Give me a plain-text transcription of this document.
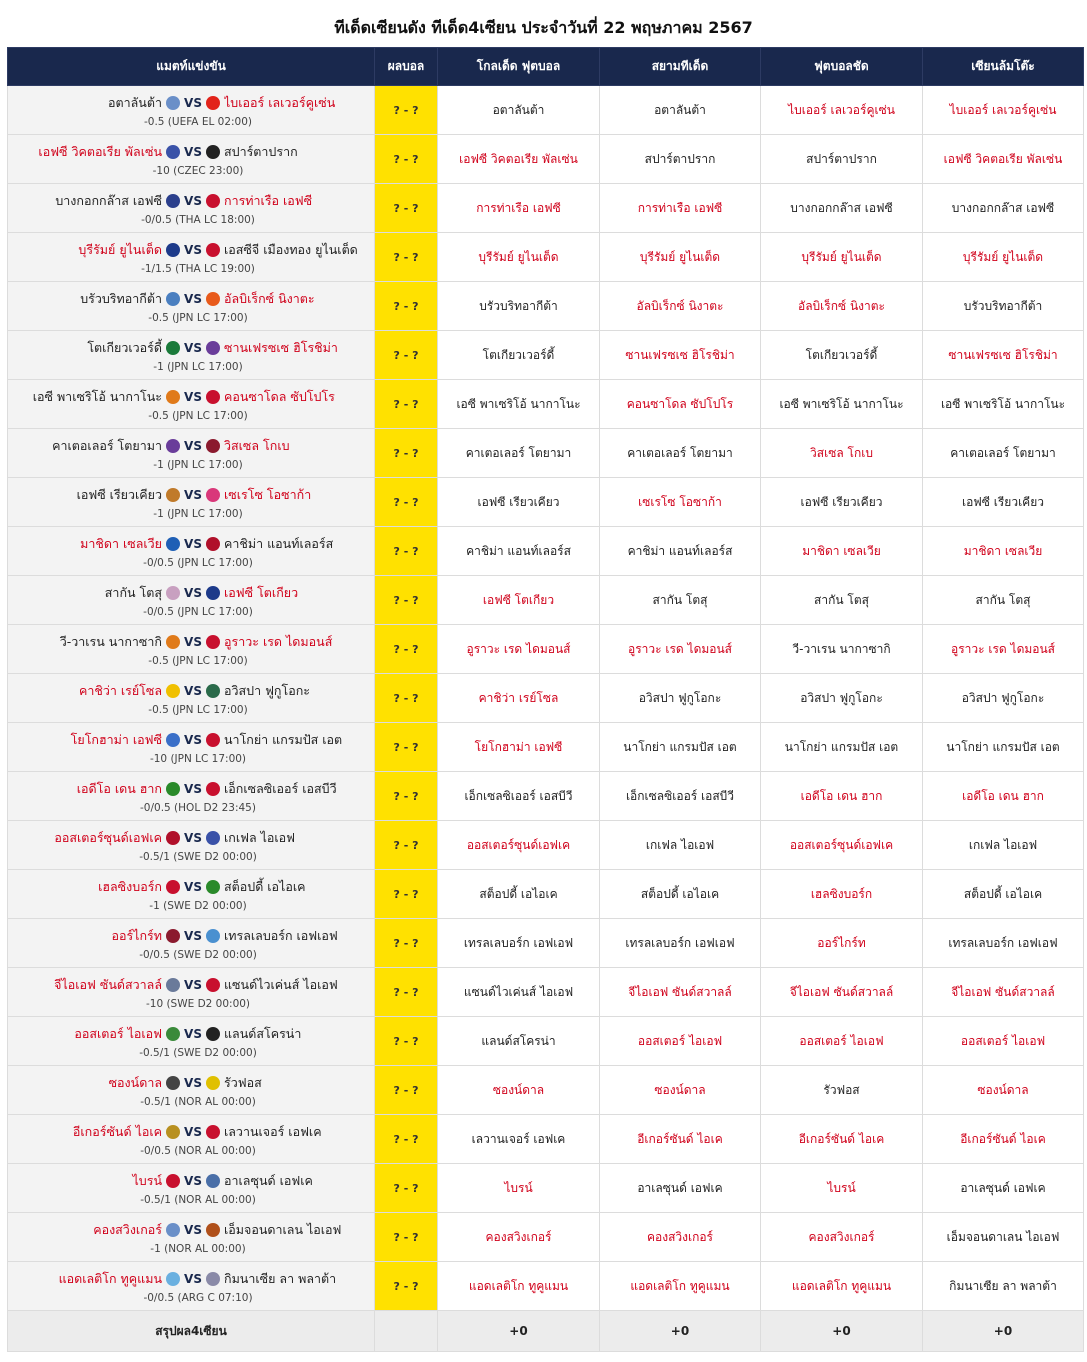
ทีเด็ดเซียนดัง ทีเด็ด4เซียน ประจำวันที่ 22 พฤษภาคม 2567
แมตท์แข่งขัน	ผลบอล	โกลเด็ด ฟุตบอล	สยามทีเด็ด	ฟุตบอลชัด	เซียนล้มโต๊ะ

อตาลันต้า VS ไบเออร์ เลเวอร์คูเซ่น
-0.5 (UEFA EL 02:00)	? - ?	อตาลันต้า	อตาลันต้า	ไบเออร์ เลเวอร์คูเซ่น	ไบเออร์ เลเวอร์คูเซ่น

เอฟซี วิคตอเรีย พัลเซ่น VS สปาร์ตาปราก
-10 (CZEC 23:00)	? - ?	เอฟซี วิคตอเรีย พัลเซ่น	สปาร์ตาปราก	สปาร์ตาปราก	เอฟซี วิคตอเรีย พัลเซ่น

บางกอกกล๊าส เอฟซี VS การท่าเรือ เอฟซี
-0/0.5 (THA LC 18:00)	? - ?	การท่าเรือ เอฟซี	การท่าเรือ เอฟซี	บางกอกกล๊าส เอฟซี	บางกอกกล๊าส เอฟซี

บุรีรัมย์ ยูไนเต็ด VS เอสซีจี เมืองทอง ยูไนเต็ด
-1/1.5 (THA LC 19:00)	? - ?	บุรีรัมย์ ยูไนเต็ด	บุรีรัมย์ ยูไนเต็ด	บุรีรัมย์ ยูไนเต็ด	บุรีรัมย์ ยูไนเต็ด

บรัวบริทอากีต้า VS อัลบิเร็กซ์ นิงาตะ
-0.5 (JPN LC 17:00)	? - ?	บรัวบริทอากีต้า	อัลบิเร็กซ์ นิงาตะ	อัลบิเร็กซ์ นิงาตะ	บรัวบริทอากีต้า

โตเกียวเวอร์ดี้ VS ซานเฟรซเซ ฮิโรชิม่า
-1 (JPN LC 17:00)	? - ?	โตเกียวเวอร์ดี้	ซานเฟรซเซ ฮิโรชิม่า	โตเกียวเวอร์ดี้	ซานเฟรซเซ ฮิโรชิม่า

เอซี พาเซริโอ้ นากาโนะ VS คอนซาโดล ซัปโปโร
-0.5 (JPN LC 17:00)	? - ?	เอซี พาเซริโอ้ นากาโนะ	คอนซาโดล ซัปโปโร	เอซี พาเซริโอ้ นากาโนะ	เอซี พาเซริโอ้ นากาโนะ

คาเตอเลอร์ โตยามา VS วิสเซล โกเบ
-1 (JPN LC 17:00)	? - ?	คาเตอเลอร์ โตยามา	คาเตอเลอร์ โตยามา	วิสเซล โกเบ	คาเตอเลอร์ โตยามา

เอฟซี เรียวเคียว VS เซเรโซ โอซาก้า
-1 (JPN LC 17:00)	? - ?	เอฟซี เรียวเคียว	เซเรโซ โอซาก้า	เอฟซี เรียวเคียว	เอฟซี เรียวเคียว

มาชิดา เซลเวีย VS คาชิม่า แอนท์เลอร์ส
-0/0.5 (JPN LC 17:00)	? - ?	คาชิม่า แอนท์เลอร์ส	คาชิม่า แอนท์เลอร์ส	มาชิดา เซลเวีย	มาชิดา เซลเวีย

สากัน โตสุ VS เอฟซี โตเกียว
-0/0.5 (JPN LC 17:00)	? - ?	เอฟซี โตเกียว	สากัน โตสุ	สากัน โตสุ	สากัน โตสุ

วี-วาเรน นากาซากิ VS อูราวะ เรด ไดมอนส์
-0.5 (JPN LC 17:00)	? - ?	อูราวะ เรด ไดมอนส์	อูราวะ เรด ไดมอนส์	วี-วาเรน นากาซากิ	อูราวะ เรด ไดมอนส์

คาชิว่า เรย์โซล VS อวิสปา ฟูกูโอกะ
-0.5 (JPN LC 17:00)	? - ?	คาชิว่า เรย์โซล	อวิสปา ฟูกูโอกะ	อวิสปา ฟูกูโอกะ	อวิสปา ฟูกูโอกะ

โยโกฮาม่า เอฟซี VS นาโกย่า แกรมปัส เอต
-10 (JPN LC 17:00)	? - ?	โยโกฮาม่า เอฟซี	นาโกย่า แกรมปัส เอต	นาโกย่า แกรมปัส เอต	นาโกย่า แกรมปัส เอต

เอดีโอ เดน ฮาก VS เอ็กเซลซิเออร์ เอสบีวี
-0/0.5 (HOL D2 23:45)	? - ?	เอ็กเซลซิเออร์ เอสบีวี	เอ็กเซลซิเออร์ เอสบีวี	เอดีโอ เดน ฮาก	เอดีโอ เดน ฮาก

ออสเตอร์ซุนด์เอฟเค VS เกเฟล ไอเอฟ
-0.5/1 (SWE D2 00:00)	? - ?	ออสเตอร์ซุนด์เอฟเค	เกเฟล ไอเอฟ	ออสเตอร์ซุนด์เอฟเค	เกเฟล ไอเอฟ

เฮลซิงบอร์ก VS สต็อปดี้ เอไอเค
-1 (SWE D2 00:00)	? - ?	สต็อปดี้ เอไอเค	สต็อปดี้ เอไอเค	เฮลซิงบอร์ก	สต็อปดี้ เอไอเค

ออร์ไกร์ท VS เทรลเลบอร์ก เอฟเอฟ
-0/0.5 (SWE D2 00:00)	? - ?	เทรลเลบอร์ก เอฟเอฟ	เทรลเลบอร์ก เอฟเอฟ	ออร์ไกร์ท	เทรลเลบอร์ก เอฟเอฟ

จีไอเอฟ ซันด์สวาลล์ VS แซนด์ไวเค่นส์ ไอเอฟ
-10 (SWE D2 00:00)	? - ?	แซนด์ไวเค่นส์ ไอเอฟ	จีไอเอฟ ซันด์สวาลล์	จีไอเอฟ ซันด์สวาลล์	จีไอเอฟ ซันด์สวาลล์

ออสเตอร์ ไอเอฟ VS แลนด์สโครน่า
-0.5/1 (SWE D2 00:00)	? - ?	แลนด์สโครน่า	ออสเตอร์ ไอเอฟ	ออสเตอร์ ไอเอฟ	ออสเตอร์ ไอเอฟ

ซองน์ดาล VS รัวฟอส
-0.5/1 (NOR AL 00:00)	? - ?	ซองน์ดาล	ซองน์ดาล	รัวฟอส	ซองน์ดาล

อีเกอร์ซันด์ ไอเค VS เลวานเจอร์ เอฟเค
-0/0.5 (NOR AL 00:00)	? - ?	เลวานเจอร์ เอฟเค	อีเกอร์ซันด์ ไอเค	อีเกอร์ซันด์ ไอเค	อีเกอร์ซันด์ ไอเค

ไบรน์ VS อาเลซุนด์ เอฟเค
-0.5/1 (NOR AL 00:00)	? - ?	ไบรน์	อาเลซุนด์ เอฟเค	ไบรน์	อาเลซุนด์ เอฟเค

คองสวิงเกอร์ VS เอ็มจอนดาเลน ไอเอฟ
-1 (NOR AL 00:00)	? - ?	คองสวิงเกอร์	คองสวิงเกอร์	คองสวิงเกอร์	เอ็มจอนดาเลน ไอเอฟ

แอดเลติโก ทูคูแมน VS กิมนาเซีย ลา พลาต้า
-0/0.5 (ARG C 07:10)	? - ?	แอดเลติโก ทูคูแมน	แอดเลติโก ทูคูแมน	แอดเลติโก ทูคูแมน	กิมนาเซีย ลา พลาต้า
สรุปผล4เซียน		+0	+0	+0	+0
